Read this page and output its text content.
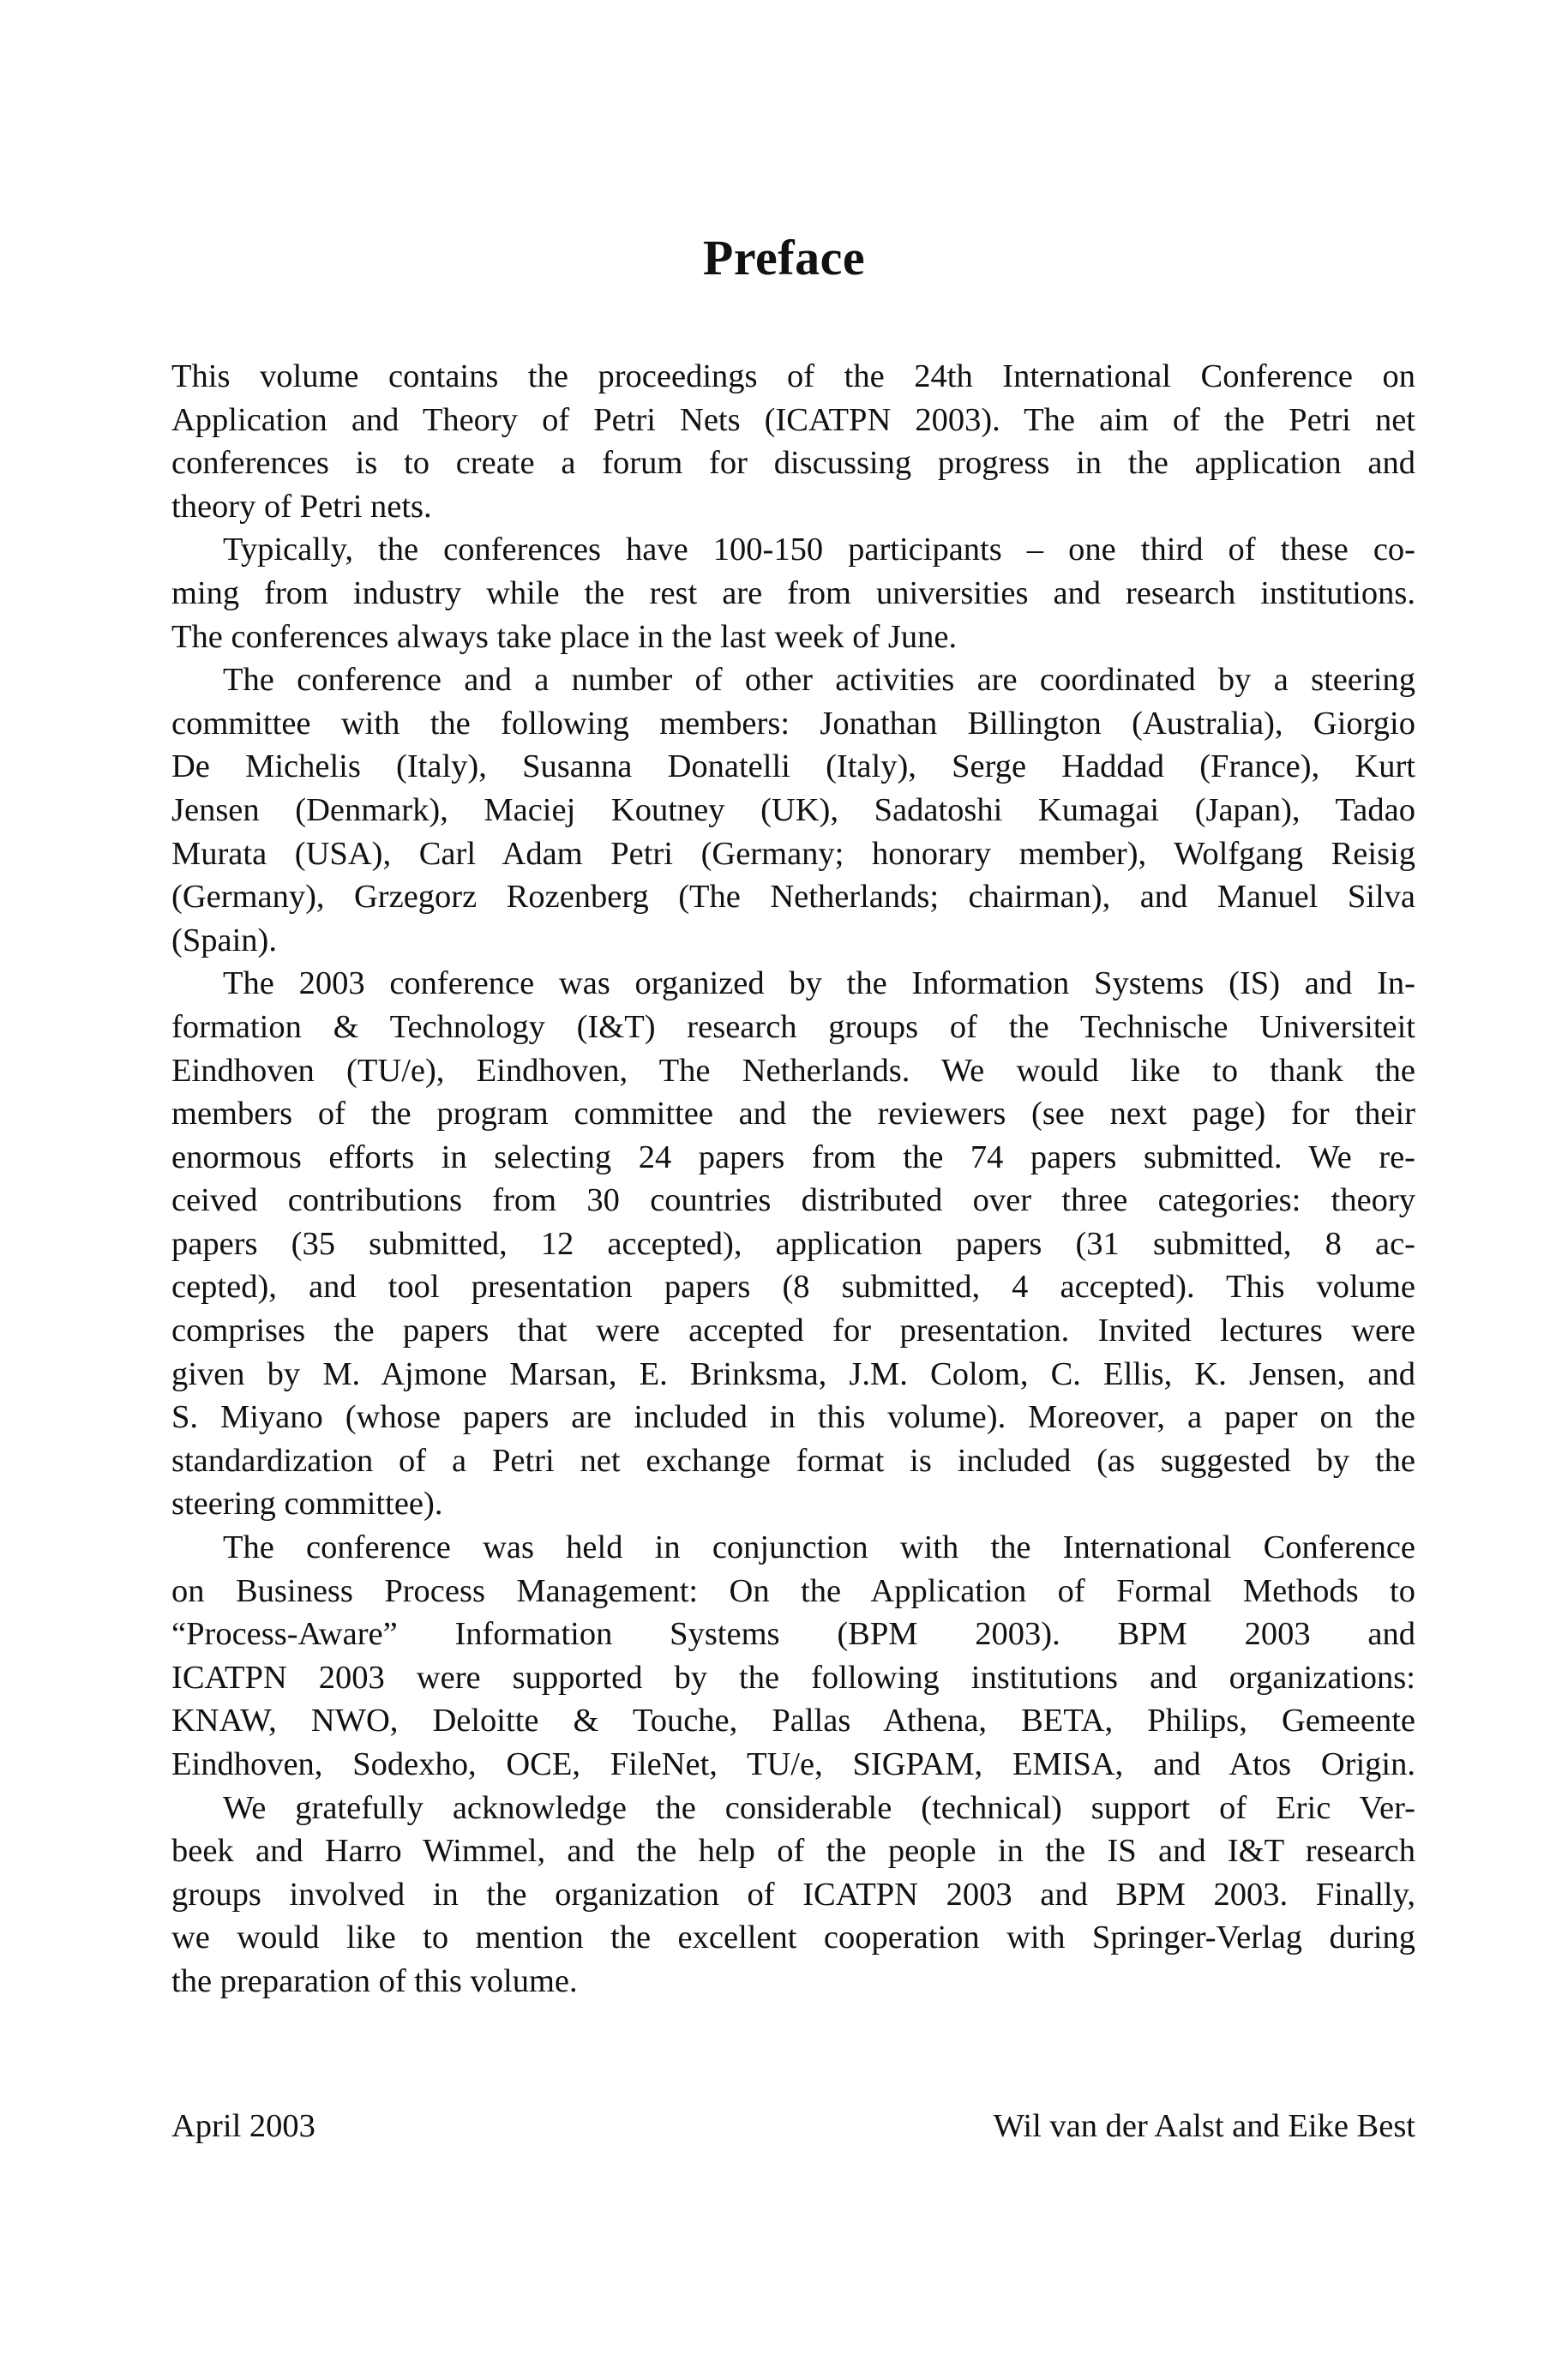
Preface
This volume contains the proceedings of the 24th International Conference on
Application and Theory of Petri Nets (ICATPN 2003). The aim of the Petri net
conferences is to create a forum for discussing progress in the application and
theory of Petri nets.
Typically, the conferences have 100-150 participants – one third of these co-
ming from industry while the rest are from universities and research institutions.
The conferences always take place in the last week of June.
The conference and a number of other activities are coordinated by a steering
committee with the following members: Jonathan Billington (Australia), Giorgio
De Michelis (Italy), Susanna Donatelli (Italy), Serge Haddad (France), Kurt
Jensen (Denmark), Maciej Koutney (UK), Sadatoshi Kumagai (Japan), Tadao
Murata (USA), Carl Adam Petri (Germany; honorary member), Wolfgang Reisig
(Germany), Grzegorz Rozenberg (The Netherlands; chairman), and Manuel Silva
(Spain).
The 2003 conference was organized by the Information Systems (IS) and In-
formation & Technology (I&T) research groups of the Technische Universiteit
Eindhoven (TU/e), Eindhoven, The Netherlands. We would like to thank the
members of the program committee and the reviewers (see next page) for their
enormous efforts in selecting 24 papers from the 74 papers submitted. We re-
ceived contributions from 30 countries distributed over three categories: theory
papers (35 submitted, 12 accepted), application papers (31 submitted, 8 ac-
cepted), and tool presentation papers (8 submitted, 4 accepted). This volume
comprises the papers that were accepted for presentation. Invited lectures were
given by M. Ajmone Marsan, E. Brinksma, J.M. Colom, C. Ellis, K. Jensen, and
S. Miyano (whose papers are included in this volume). Moreover, a paper on the
standardization of a Petri net exchange format is included (as suggested by the
steering committee).
The conference was held in conjunction with the International Conference
on Business Process Management: On the Application of Formal Methods to
“Process-Aware” Information Systems (BPM 2003). BPM 2003 and
ICATPN 2003 were supported by the following institutions and organizations:
KNAW, NWO, Deloitte & Touche, Pallas Athena, BETA, Philips, Gemeente
Eindhoven, Sodexho, OCE, FileNet, TU/e, SIGPAM, EMISA, and Atos Origin.
We gratefully acknowledge the considerable (technical) support of Eric Ver-
beek and Harro Wimmel, and the help of the people in the IS and I&T research
groups involved in the organization of ICATPN 2003 and BPM 2003. Finally,
we would like to mention the excellent cooperation with Springer-Verlag during
the preparation of this volume.
April 2003	Wil van der Aalst and Eike Best
